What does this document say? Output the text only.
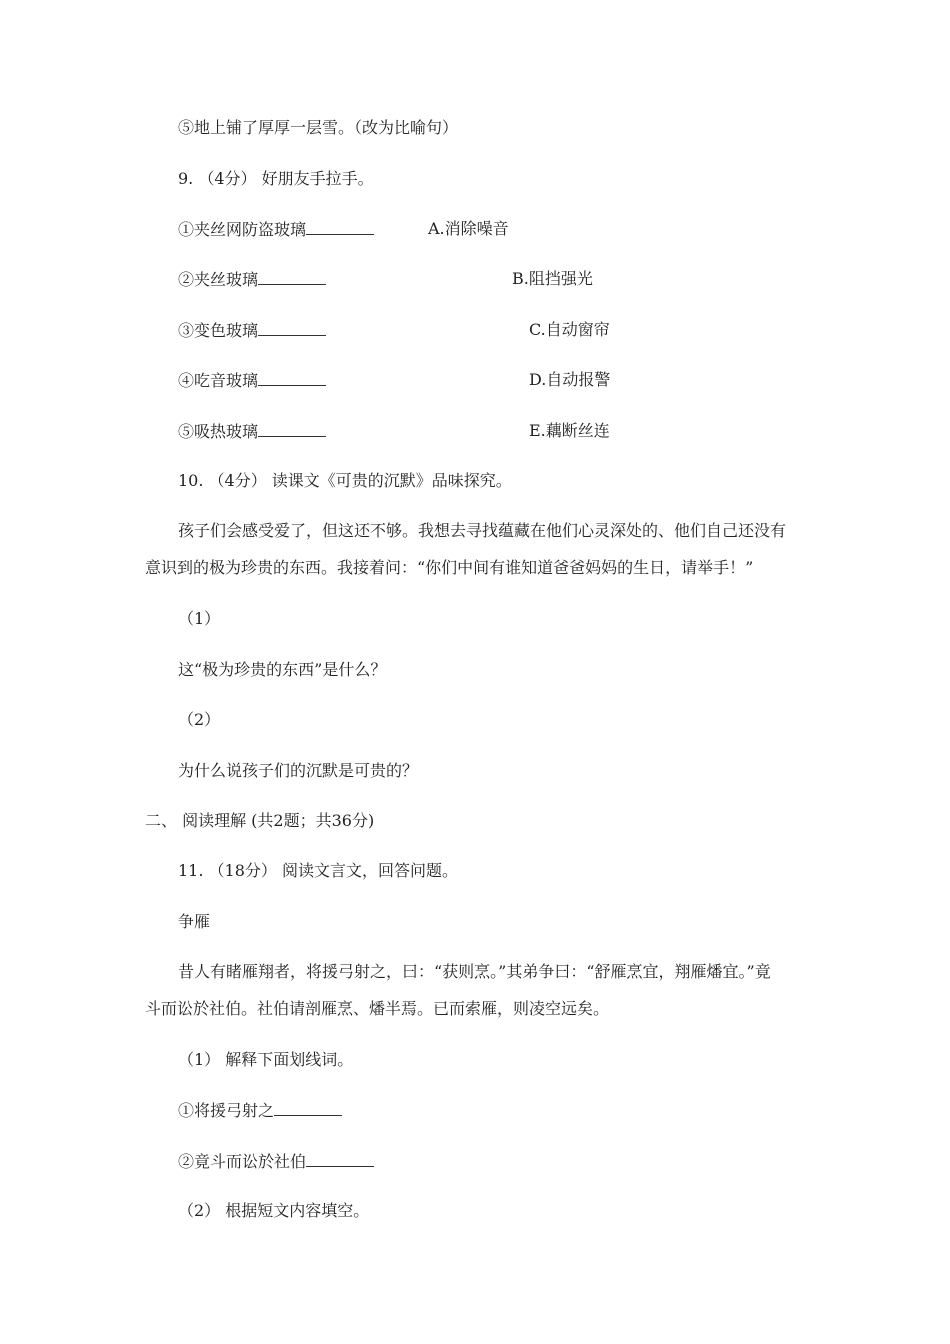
⑤地上铺了厚厚一层雪。（改为比喻句）
9. （4分） 好朋友手拉手。
①夹丝网防盗玻璃	A.消除噪音
②夹丝玻璃	B.阻挡强光
③变色玻璃	C.自动窗帘
④吃音玻璃	D.自动报警
⑤吸热玻璃	E.藕断丝连
10. （4分） 读课文《可贵的沉默》品味探究。
孩子们会感受爱了，但这还不够。我想去寻找蕴藏在他们心灵深处的、他们自己还没有
意识到的极为珍贵的东西。我接着问：“你们中间有谁知道爸爸妈妈的生日，请举手！”
（1）
这“极为珍贵的东西”是什么？
（2）
为什么说孩子们的沉默是可贵的？
二、 阅读理解 (共2题；共36分)
11. （18分） 阅读文言文，回答问题。
争雁
昔人有睹雁翔者，将援弓射之，曰：“获则烹。”其弟争曰：“舒雁烹宜，翔雁燔宜。”竟
斗而讼於社伯。社伯请剖雁烹、燔半焉。已而索雁，则凌空远矣。
（1） 解释下面划线词。
①将援弓射之
②竟斗而讼於社伯
（2） 根据短文内容填空。
